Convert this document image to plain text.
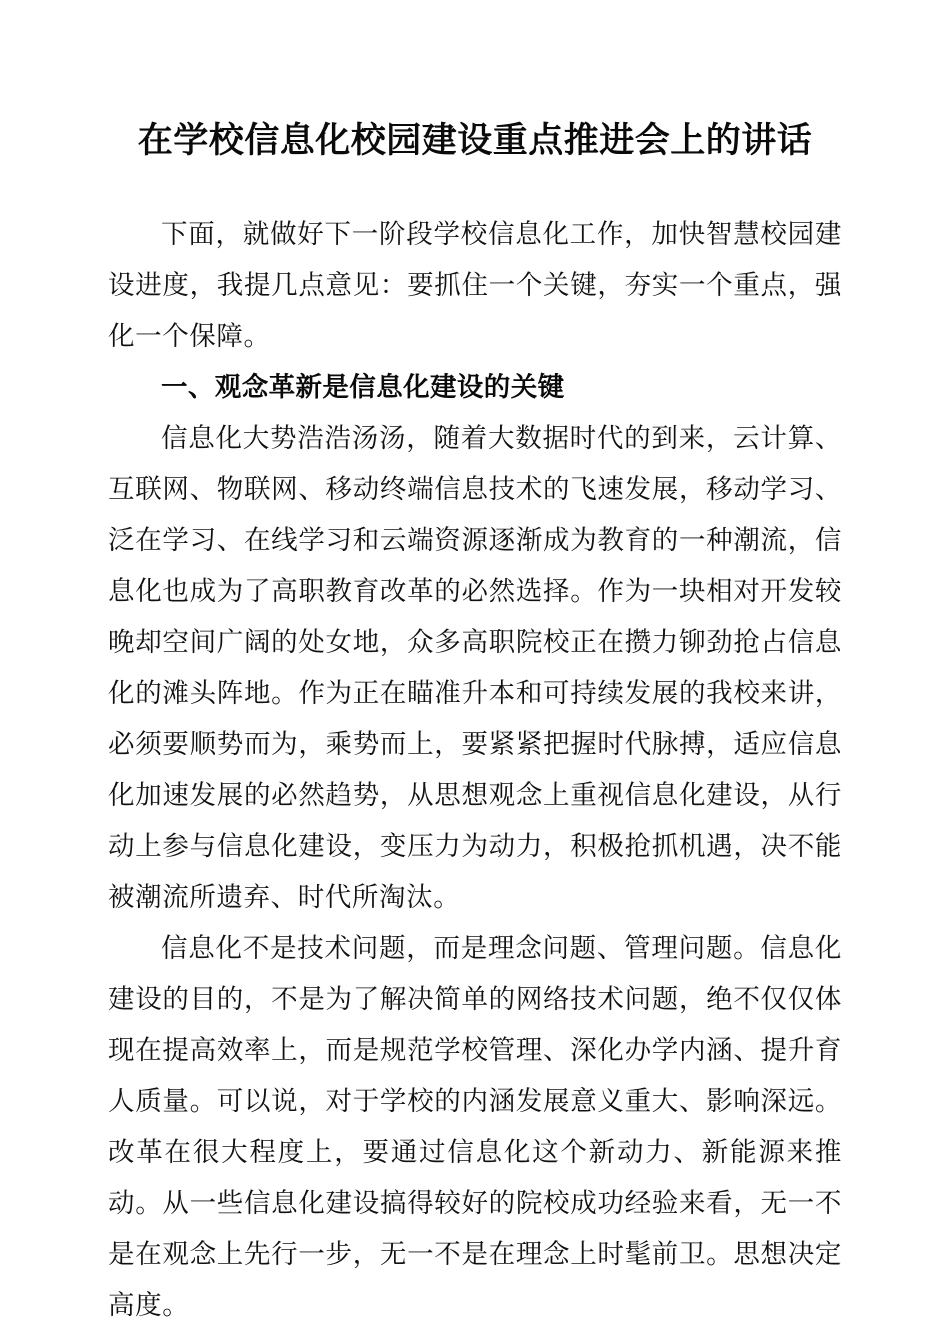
在学校信息化校园建设重点推进会上的讲话

下面，就做好下一阶段学校信息化工作，加快智慧校园建设进度，我提几点意见：要抓住一个关键，夯实一个重点，强化一个保障。

一、观念革新是信息化建设的关键

信息化大势浩浩汤汤，随着大数据时代的到来，云计算、互联网、物联网、移动终端信息技术的飞速发展，移动学习、泛在学习、在线学习和云端资源逐渐成为教育的一种潮流，信息化也成为了高职教育改革的必然选择。作为一块相对开发较晚却空间广阔的处女地，众多高职院校正在攒力铆劲抢占信息化的滩头阵地。作为正在瞄准升本和可持续发展的我校来讲，必须要顺势而为，乘势而上，要紧紧把握时代脉搏，适应信息化加速发展的必然趋势，从思想观念上重视信息化建设，从行动上参与信息化建设，变压力为动力，积极抢抓机遇，决不能被潮流所遗弃、时代所淘汰。

信息化不是技术问题，而是理念问题、管理问题。信息化建设的目的，不是为了解决简单的网络技术问题，绝不仅仅体现在提高效率上，而是规范学校管理、深化办学内涵、提升育人质量。可以说，对于学校的内涵发展意义重大、影响深远。改革在很大程度上，要通过信息化这个新动力、新能源来推动。从一些信息化建设搞得较好的院校成功经验来看，无一不是在观念上先行一步，无一不是在理念上时髦前卫。思想决定高度。
